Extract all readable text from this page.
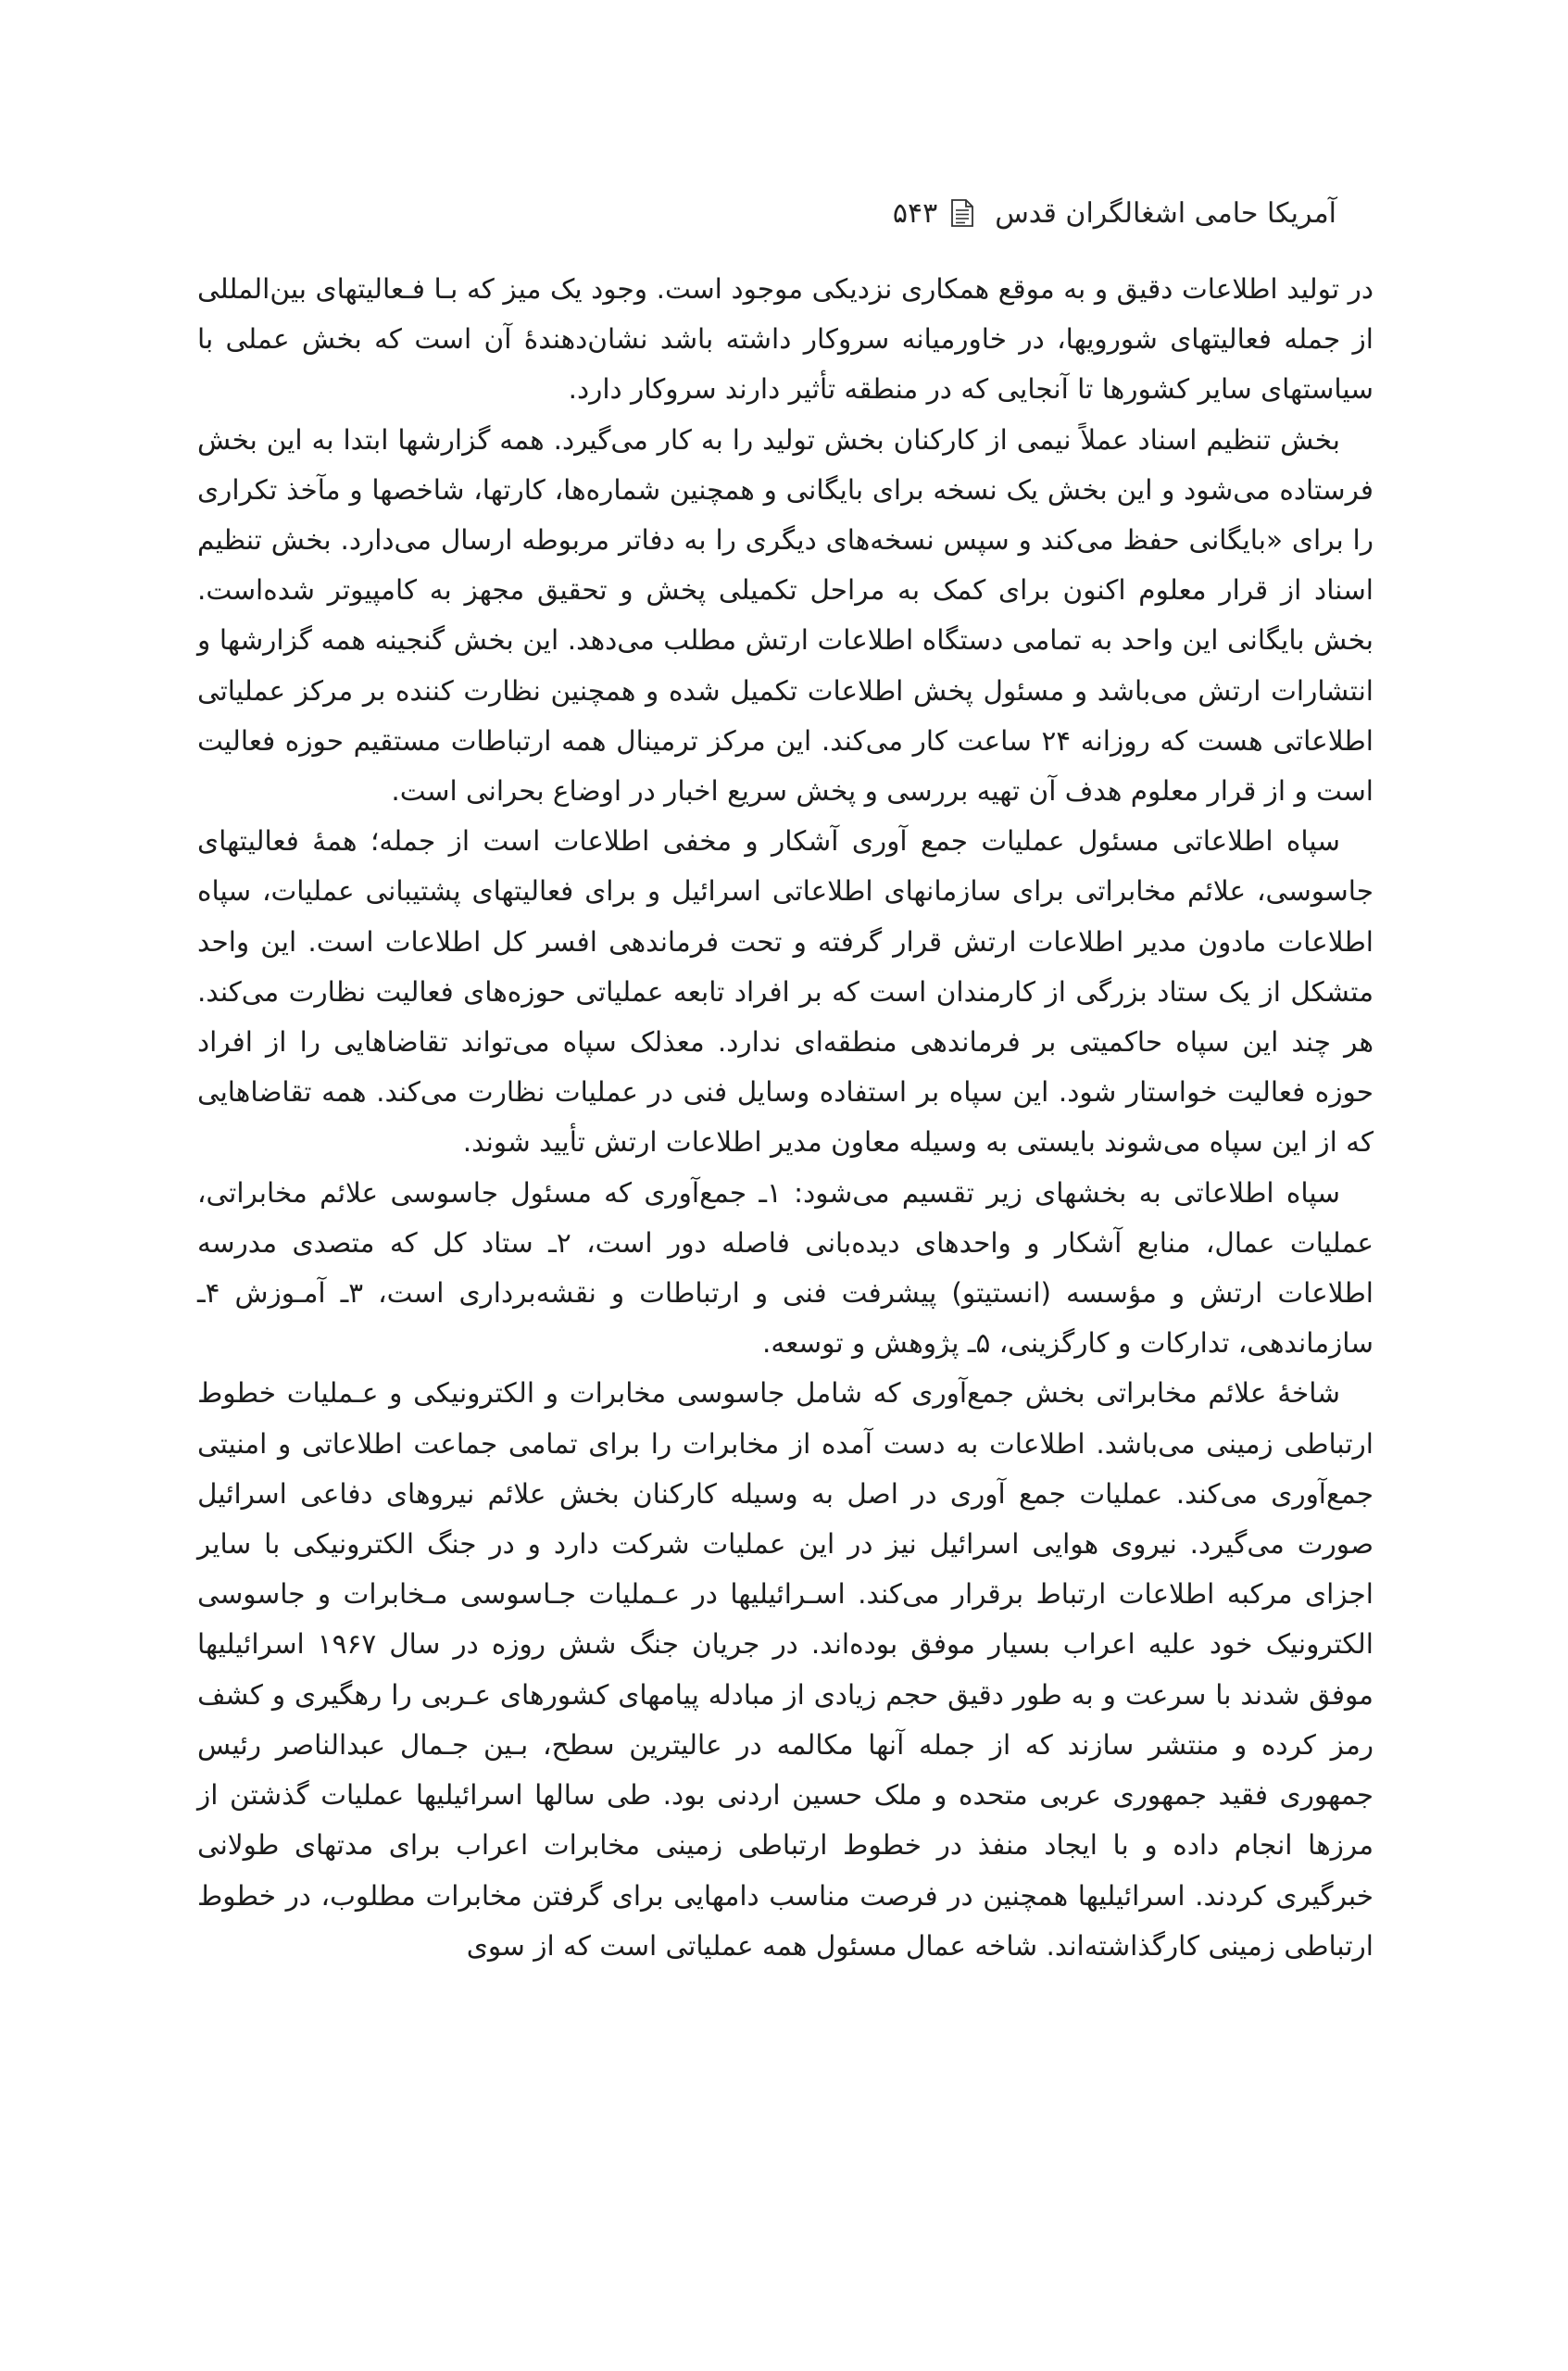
۵۴۳ آمریکا حامی اشغالگران قدس

در تولید اطلاعات دقیق و به موقع همکاری نزدیکی موجود است. وجود یک میز که بـا فـعالیتهای بین‌المللی از جمله فعالیتهای شورویها، در خاورمیانه سروکار داشته باشد نشان‌دهندهٔ آن است که بخش عملی با سیاستهای سایر کشورها تا آنجایی که در منطقه تأثیر دارند سروکار دارد.

بخش تنظیم اسناد عملاً نیمی از کارکنان بخش تولید را به کار می‌گیرد. همه گزارشها ابتدا به این بخش فرستاده می‌شود و این بخش یک نسخه برای بایگانی و همچنین شماره‌ها، کارتها، شاخصها و مآخذ تکراری را برای «بایگانی حفظ می‌کند و سپس نسخه‌های دیگری را به دفاتر مربوطه ارسال می‌دارد. بخش تنظیم اسناد از قرار معلوم اکنون برای کمک به مراحل تکمیلی پخش و تحقیق مجهز به کامپیوتر شده‌است. بخش بایگانی این واحد به تمامی دستگاه اطلاعات ارتش مطلب می‌دهد. این بخش گنجینه همه گزارشها و انتشارات ارتش می‌باشد و مسئول پخش اطلاعات تکمیل شده و همچنین نظارت کننده بر مرکز عملیاتی اطلاعاتی هست که روزانه ۲۴ ساعت کار می‌کند. این مرکز ترمینال همه ارتباطات مستقیم حوزه فعالیت است و از قرار معلوم هدف آن تهیه بررسی و پخش سریع اخبار در اوضاع بحرانی است.

سپاه اطلاعاتی مسئول عملیات جمع آوری آشکار و مخفی اطلاعات است از جمله؛ همهٔ فعالیتهای جاسوسی، علائم مخابراتی برای سازمانهای اطلاعاتی اسرائیل و برای فعالیتهای پشتیبانی عملیات، سپاه اطلاعات مادون مدیر اطلاعات ارتش قرار گرفته و تحت فرماندهی افسر کل اطلاعات است. این واحد متشکل از یک ستاد بزرگی از کارمندان است که بر افراد تابعه عملیاتی حوزه‌های فعالیت نظارت می‌کند. هر چند این سپاه حاکمیتی بر فرماندهی منطقه‌ای ندارد. معذلک سپاه می‌تواند تقاضاهایی را از افراد حوزه فعالیت خواستار شود. این سپاه بر استفاده وسایل فنی در عملیات نظارت می‌کند. همه تقاضاهایی که از این سپاه می‌شوند بایستی به وسیله معاون مدیر اطلاعات ارتش تأیید شوند.

سپاه اطلاعاتی به بخشهای زیر تقسیم می‌شود: ۱ـ جمع‌آوری که مسئول جاسوسی علائم مخابراتی، عملیات عمال، منابع آشکار و واحدهای دیده‌بانی فاصله دور است، ۲ـ ستاد کل که متصدی مدرسه اطلاعات ارتش و مؤسسه (انستیتو) پیشرفت فنی و ارتباطات و نقشه‌برداری است، ۳ـ آمـوزش ۴ـ سازماندهی، تدارکات و کارگزینی، ۵ـ پژوهش و توسعه.

شاخهٔ علائم مخابراتی بخش جمع‌آوری که شامل جاسوسی مخابرات و الکترونیکی و عـملیات خطوط ارتباطی زمینی می‌باشد. اطلاعات به دست آمده از مخابرات را برای تمامی جماعت اطلاعاتی و امنیتی جمع‌آوری می‌کند. عملیات جمع آوری در اصل به وسیله کارکنان بخش علائم نیروهای دفاعی اسرائیل صورت می‌گیرد. نیروی هوایی اسرائیل نیز در این عملیات شرکت دارد و در جنگ الکترونیکی با سایر اجزای مرکبه اطلاعات ارتباط برقرار می‌کند. اسـرائیلیها در عـملیات جـاسوسی مـخابرات و جاسوسی الکترونیک خود علیه اعراب بسیار موفق بوده‌اند. در جریان جنگ شش روزه در سال ۱۹۶۷ اسرائیلیها موفق شدند با سرعت و به طور دقیق حجم زیادی از مبادله پیامهای کشورهای عـربی را رهگیری و کشف رمز کرده و منتشر سازند که از جمله آنها مکالمه در عالیترین سطح، بـین جـمال عبدالناصر رئیس جمهوری فقید جمهوری عربی متحده و ملک حسین اردنی بود. طی سالها اسرائیلیها عملیات گذشتن از مرزها انجام داده و با ایجاد منفذ در خطوط ارتباطی زمینی مخابرات اعراب برای مدتهای طولانی خبرگیری کردند. اسرائیلیها همچنین در فرصت مناسب دامهایی برای گرفتن مخابرات مطلوب، در خطوط ارتباطی زمینی کارگذاشته‌اند. شاخه عمال مسئول همه عملیاتی است که از سوی
